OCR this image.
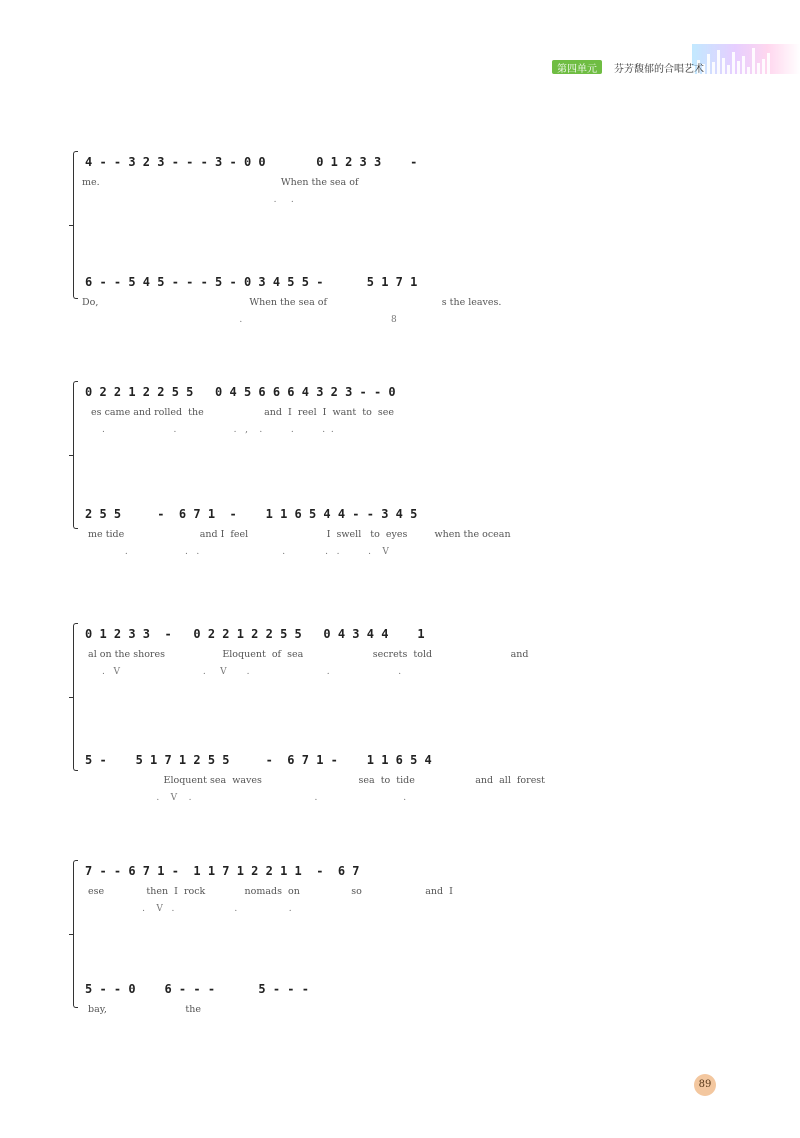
第四单元	芬芳馥郁的合唱艺术
4 - - 3 2 3 - - - 3 - 0 0       0 1 2 3 3    -
me.                                                            When the sea of
.     .
6 - - 5 4 5 - - - 5 - 0 3 4 5 5 -      5 1 7 1
Do,                                                  When the sea of                                      s the leaves.
.                                                    8
0 2 2 1 2 2 5 5   0 4 5 6 6 6 4 3 2 3 - - 0
es came and rolled  the                    and  I  reel  I  want  to  see
.                        .                    .   ,    .          .          .  .
2 5 5     -  6 7 1  -    1 1 6 5 4 4 - - 3 4 5
me tide                         and I  feel                          I  swell   to  eyes         when the ocean
.                    .   .                             .              .   .          .    V
0 1 2 3 3  -   0 2 2 1 2 2 5 5   0 4 3 4 4    1
al on the shores                   Eloquent  of  sea                       secrets  told                          and
.   V                             .     V       .                           .                        .
5 -    5 1 7 1 2 5 5     -  6 7 1 -    1 1 6 5 4
Eloquent sea  waves                                sea  to  tide                    and  all  forest
.    V    .                                           .                              .
7 - - 6 7 1 -  1 1 7 1 2 2 1 1  -  6 7
ese              then  I  rock             nomads  on                 so                     and  I
.    V   .                     .                  .
5 - - 0    6 - - -      5 - - -
bay,                          the
89
